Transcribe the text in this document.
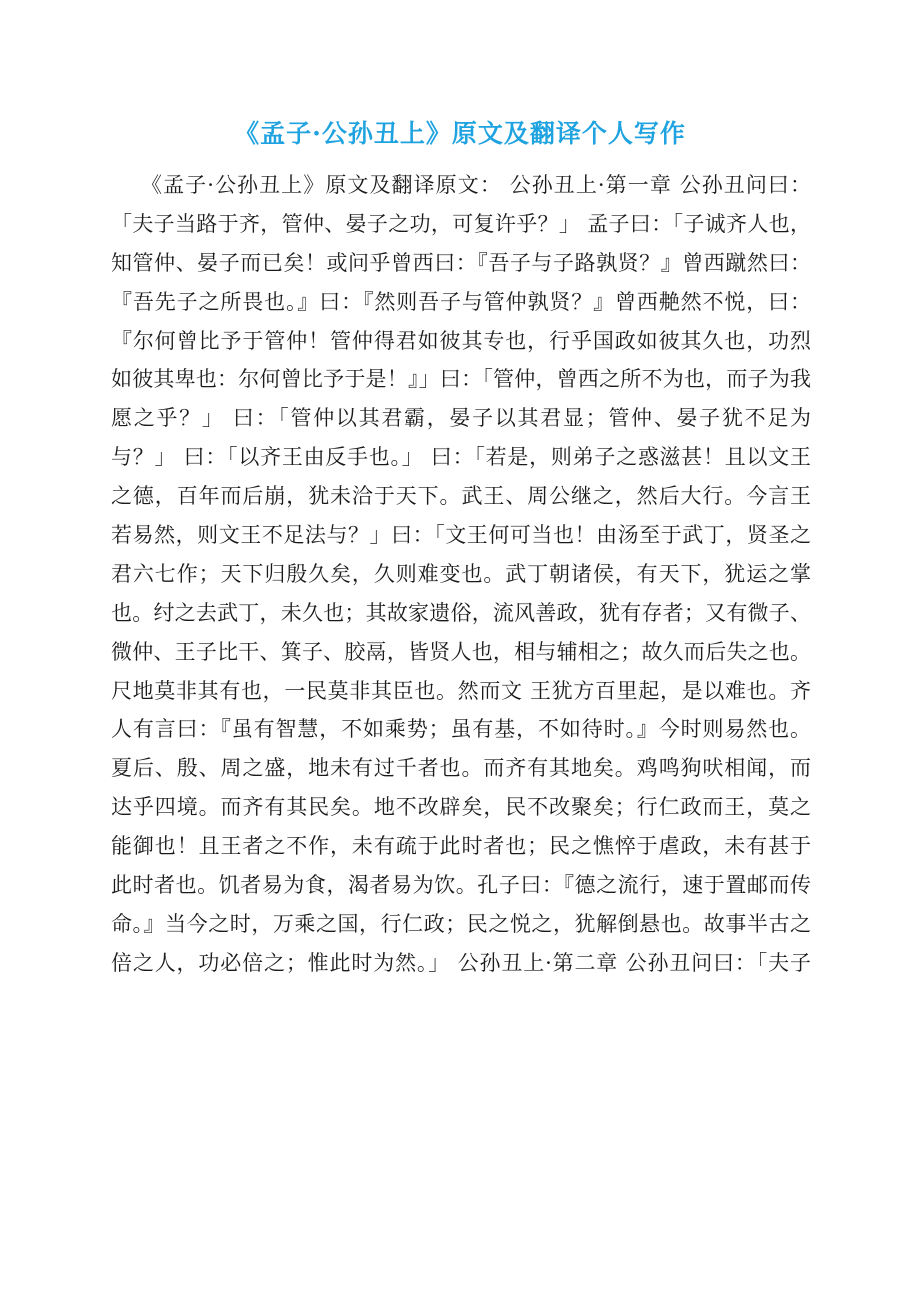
《孟子·公孙丑上》原文及翻译个人写作
《孟子·公孙丑上》原文及翻译原文： 公孙丑上·第一章 公孙丑问曰：
「夫子当路于齐，管仲、晏子之功，可复许乎？」 孟子曰：「子诚齐人也，
知管仲、晏子而已矣！或问乎曾西曰：『吾子与子路孰贤？』曾西蹴然曰：
『吾先子之所畏也。』曰：『然则吾子与管仲孰贤？』曾西艴然不悦，曰：
『尔何曾比予于管仲！管仲得君如彼其专也，行乎国政如彼其久也，功烈
如彼其卑也：尔何曾比予于是！』」曰：「管仲，曾西之所不为也，而子为我
愿之乎？」 曰：「管仲以其君霸，晏子以其君显；管仲、晏子犹不足为
与？」 曰：「以齐王由反手也。」 曰：「若是，则弟子之惑滋甚！且以文王
之德，百年而后崩，犹未洽于天下。武王、周公继之，然后大行。今言王
若易然，则文王不足法与？」曰：「文王何可当也！由汤至于武丁，贤圣之
君六七作；天下归殷久矣，久则难变也。武丁朝诸侯，有天下，犹运之掌
也。纣之去武丁，未久也；其故家遗俗，流风善政，犹有存者；又有微子、
微仲、王子比干、箕子、胶鬲，皆贤人也，相与辅相之；故久而后失之也。
尺地莫非其有也，一民莫非其臣也。然而文 王犹方百里起，是以难也。齐
人有言曰：『虽有智慧，不如乘势；虽有基，不如待时。』今时则易然也。
夏后、殷、周之盛，地未有过千者也。而齐有其地矣。鸡鸣狗吠相闻，而
达乎四境。而齐有其民矣。地不改辟矣，民不改聚矣；行仁政而王，莫之
能御也！且王者之不作，未有疏于此时者也；民之憔悴于虐政，未有甚于
此时者也。饥者易为食，渴者易为饮。孔子曰：『德之流行，速于置邮而传
命。』当今之时，万乘之国，行仁政；民之悦之，犹解倒悬也。故事半古之
倍之人，功必倍之；惟此时为然。」 公孙丑上·第二章 公孙丑问曰：「夫子
